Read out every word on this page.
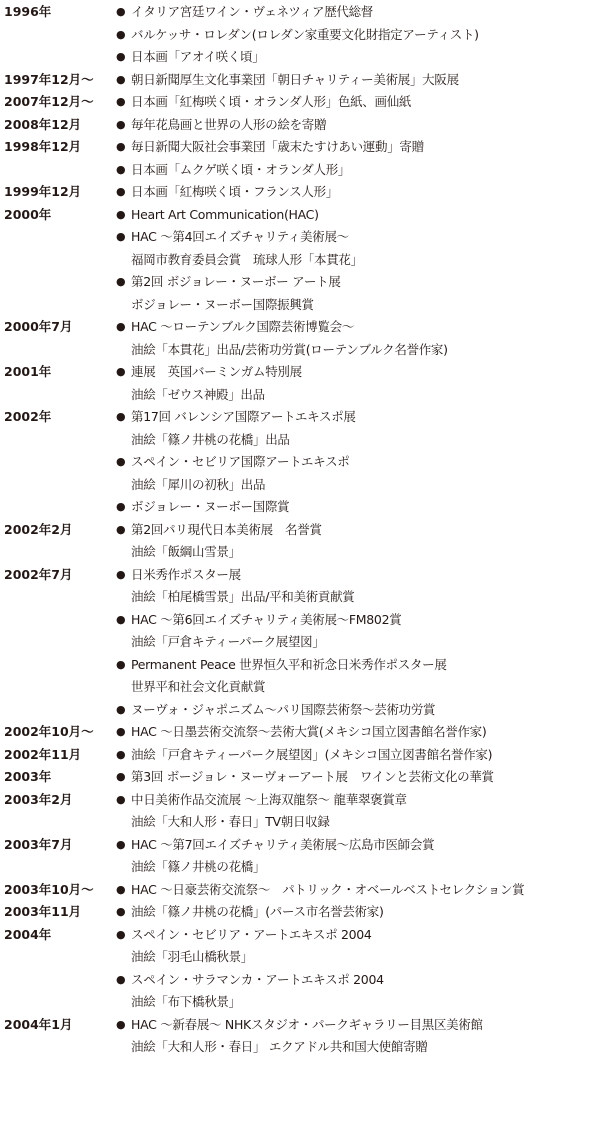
1996年	● イタリア宮廷ワイン・ヴェネツィア歴代総督
● バルケッサ・ロレダン(ロレダン家重要文化財指定アーティスト)
● 日本画「アオイ咲く頃」
1997年12月〜	● 朝日新聞厚生文化事業団「朝日チャリティー美術展」大阪展
2007年12月〜	● 日本画「紅梅咲く頃・オランダ人形」色紙、画仙紙
2008年12月	● 毎年花鳥画と世界の人形の絵を寄贈
1998年12月	● 毎日新聞大阪社会事業団「歳末たすけあい運動」寄贈
● 日本画「ムクゲ咲く頃・オランダ人形」
1999年12月	● 日本画「紅梅咲く頃・フランス人形」
2000年	● Heart Art Communication(HAC)
● HAC 〜第4回エイズチャリティ美術展〜
福岡市教育委員会賞　琉球人形「本貫花」
● 第2回 ボジョレー・ヌーボー アート展
ボジョレー・ヌーボー国際振興賞
2000年7月	● HAC 〜ローテンブルク国際芸術博覧会〜
油絵「本貫花」出品/芸術功労賞(ローテンブルク名誉作家)
2001年	● 連展　英国バーミンガム特別展
油絵「ゼウス神殿」出品
2002年	● 第17回 バレンシア国際アートエキスポ展
油絵「篠ノ井桃の花橋」出品
● スペイン・セビリア国際アートエキスポ
油絵「犀川の初秋」出品
● ボジョレー・ヌーボー国際賞
2002年2月	● 第2回パリ現代日本美術展　名誉賞
油絵「飯綱山雪景」
2002年7月	● 日米秀作ポスター展
油絵「柏尾橋雪景」出品/平和美術貢献賞
● HAC 〜第6回エイズチャリティ美術展〜FM802賞
油絵「戸倉キティーパーク展望図」
● Permanent Peace 世界恒久平和祈念日米秀作ポスター展
世界平和社会文化貢献賞
● ヌーヴォ・ジャポニズム〜パリ国際芸術祭〜芸術功労賞
2002年10月〜	● HAC 〜日墨芸術交流祭〜芸術大賞(メキシコ国立図書館名誉作家)
2002年11月	● 油絵「戸倉キティーパーク展望図」(メキシコ国立図書館名誉作家)
2003年	● 第3回 ボージョレ・ヌーヴォーアート展　ワインと芸術文化の華賞
2003年2月	● 中日美術作品交流展 〜上海双龍祭〜 龍華翠褒賞章
油絵「大和人形・春日」TV朝日収録
2003年7月	● HAC 〜第7回エイズチャリティ美術展〜広島市医師会賞
油絵「篠ノ井桃の花橋」
2003年10月〜	● HAC 〜日豪芸術交流祭〜　パトリック・オベールベストセレクション賞
2003年11月	● 油絵「篠ノ井桃の花橋」(パース市名誉芸術家)
2004年	● スペイン・セビリア・アートエキスポ 2004
油絵「羽毛山橋秋景」
● スペイン・サラマンカ・アートエキスポ 2004
油絵「布下橋秋景」
2004年1月	● HAC 〜新春展〜 NHKスタジオ・パークギャラリー目黒区美術館
油絵「大和人形・春日」 エクアドル共和国大使館寄贈
